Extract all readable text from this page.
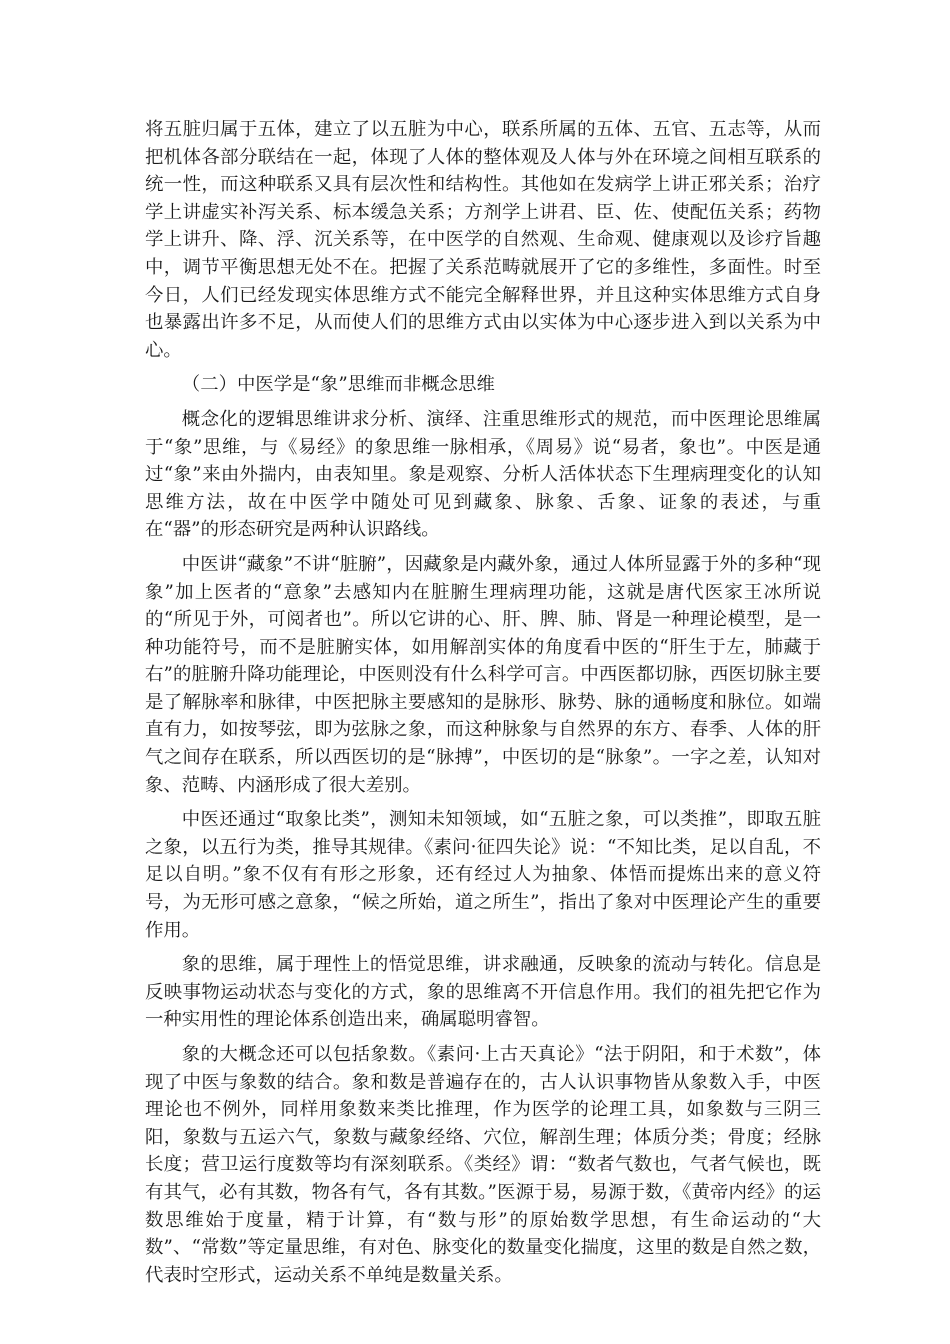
将五脏归属于五体，建立了以五脏为中心，联系所属的五体、五官、五志等，从而把机体各部分联结在一起，体现了人体的整体观及人体与外在环境之间相互联系的统一性，而这种联系又具有层次性和结构性。其他如在发病学上讲正邪关系；治疗学上讲虚实补泻关系、标本缓急关系；方剂学上讲君、臣、佐、使配伍关系；药物学上讲升、降、浮、沉关系等，在中医学的自然观、生命观、健康观以及诊疗旨趣中，调节平衡思想无处不在。把握了关系范畴就展开了它的多维性，多面性。时至今日，人们已经发现实体思维方式不能完全解释世界，并且这种实体思维方式自身也暴露出许多不足，从而使人们的思维方式由以实体为中心逐步进入到以关系为中心。

（二）中医学是“象”思维而非概念思维

概念化的逻辑思维讲求分析、演绎、注重思维形式的规范，而中医理论思维属于“象”思维，与《易经》的象思维一脉相承，《周易》说“易者，象也”。中医是通过“象”来由外揣内，由表知里。象是观察、分析人活体状态下生理病理变化的认知思维方法，故在中医学中随处可见到藏象、脉象、舌象、证象的表述，与重在“器”的形态研究是两种认识路线。

中医讲“藏象”不讲“脏腑”，因藏象是内藏外象，通过人体所显露于外的多种“现象”加上医者的“意象”去感知内在脏腑生理病理功能，这就是唐代医家王冰所说的“所见于外，可阅者也”。所以它讲的心、肝、脾、肺、肾是一种理论模型，是一种功能符号，而不是脏腑实体，如用解剖实体的角度看中医的“肝生于左，肺藏于右”的脏腑升降功能理论，中医则没有什么科学可言。中西医都切脉，西医切脉主要是了解脉率和脉律，中医把脉主要感知的是脉形、脉势、脉的通畅度和脉位。如端直有力，如按琴弦，即为弦脉之象，而这种脉象与自然界的东方、春季、人体的肝气之间存在联系，所以西医切的是“脉搏”，中医切的是“脉象”。一字之差，认知对象、范畴、内涵形成了很大差别。

中医还通过“取象比类”，测知未知领域，如“五脏之象，可以类推”，即取五脏之象，以五行为类，推导其规律。《素问·征四失论》说：“不知比类，足以自乱，不足以自明。”象不仅有有形之形象，还有经过人为抽象、体悟而提炼出来的意义符号，为无形可感之意象，“候之所始，道之所生”，指出了象对中医理论产生的重要作用。

象的思维，属于理性上的悟觉思维，讲求融通，反映象的流动与转化。信息是反映事物运动状态与变化的方式，象的思维离不开信息作用。我们的祖先把它作为一种实用性的理论体系创造出来，确属聪明睿智。

象的大概念还可以包括象数。《素问·上古天真论》“法于阴阳，和于术数”，体现了中医与象数的结合。象和数是普遍存在的，古人认识事物皆从象数入手，中医理论也不例外，同样用象数来类比推理，作为医学的论理工具，如象数与三阴三阳，象数与五运六气，象数与藏象经络、穴位，解剖生理；体质分类；骨度；经脉长度；营卫运行度数等均有深刻联系。《类经》谓：“数者气数也，气者气候也，既有其气，必有其数，物各有气，各有其数。”医源于易，易源于数，《黄帝内经》的运数思维始于度量，精于计算，有“数与形”的原始数学思想，有生命运动的“大数”、“常数”等定量思维，有对色、脉变化的数量变化揣度，这里的数是自然之数，代表时空形式，运动关系不单纯是数量关系。
